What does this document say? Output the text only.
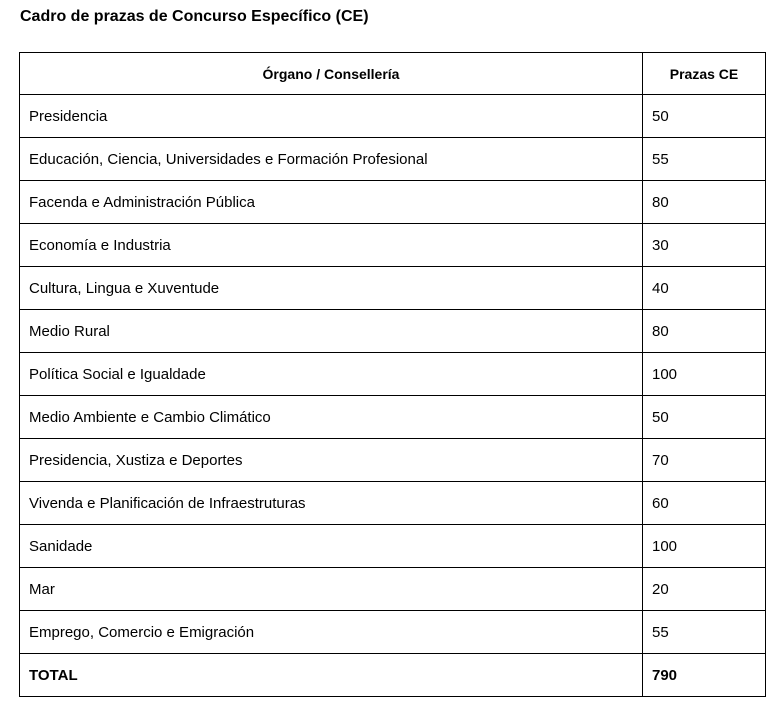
Cadro de prazas de Concurso Específico (CE)
Órgano / Consellería	Prazas CE
Presidencia	50
Educación, Ciencia, Universidades e Formación Profesional	55
Facenda e Administración Pública	80
Economía e Industria	30
Cultura, Lingua e Xuventude	40
Medio Rural	80
Política Social e Igualdade	100
Medio Ambiente e Cambio Climático	50
Presidencia, Xustiza e Deportes	70
Vivenda e Planificación de Infraestruturas	60
Sanidade	100
Mar	20
Emprego, Comercio e Emigración	55
TOTAL	790
